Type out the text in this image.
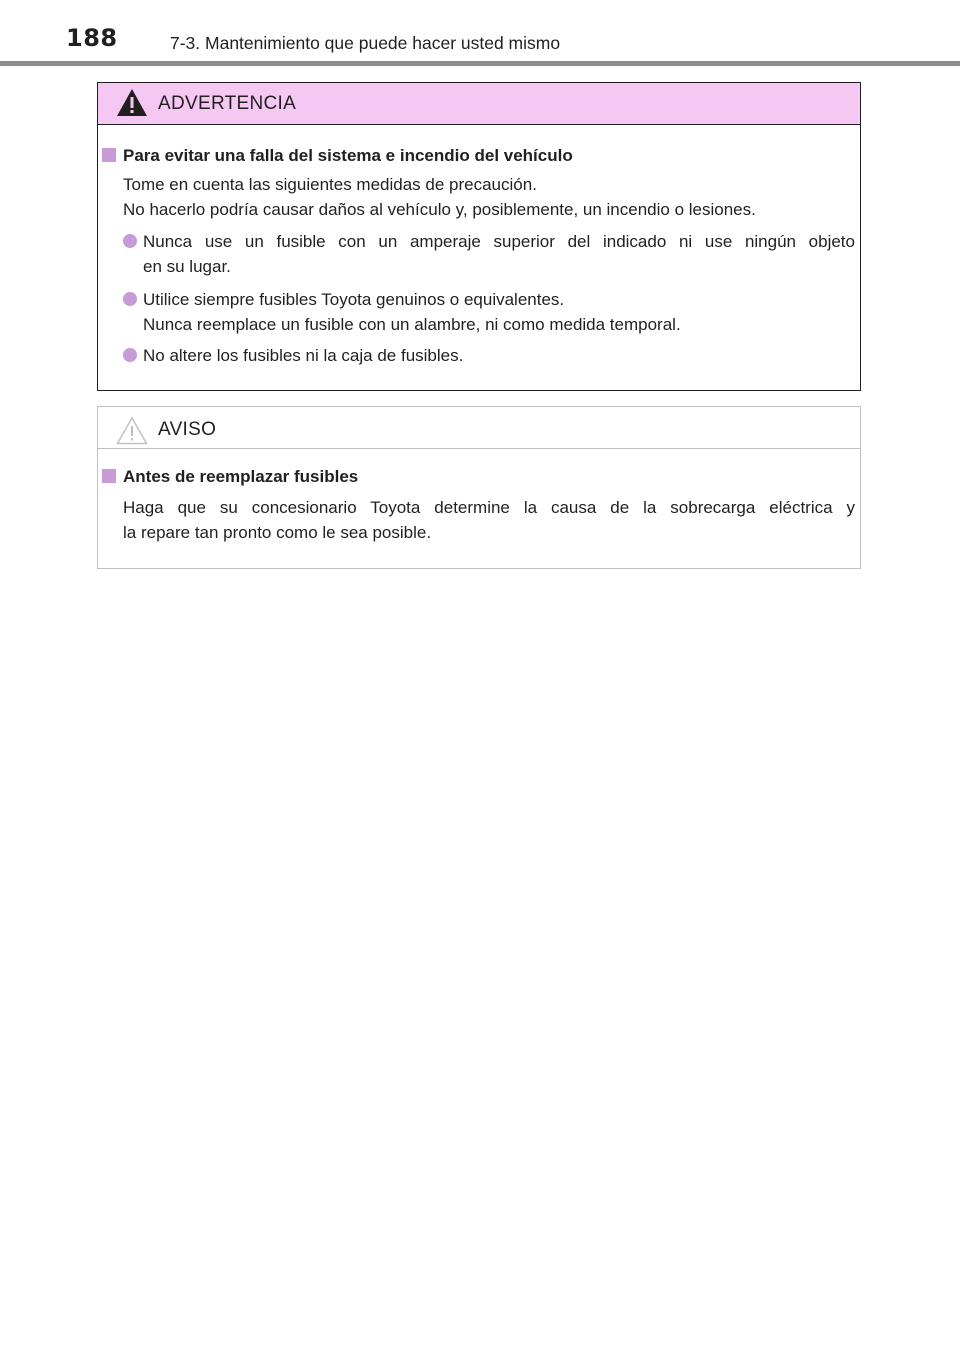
188	7-3. Mantenimiento que puede hacer usted mismo
ADVERTENCIA
Para evitar una falla del sistema e incendio del vehículo
Tome en cuenta las siguientes medidas de precaución.
No hacerlo podría causar daños al vehículo y, posiblemente, un incendio o lesiones.
Nunca use un fusible con un amperaje superior del indicado ni use ningún objeto
en su lugar.
Utilice siempre fusibles Toyota genuinos o equivalentes.
Nunca reemplace un fusible con un alambre, ni como medida temporal.
No altere los fusibles ni la caja de fusibles.
AVISO
Antes de reemplazar fusibles
Haga que su concesionario Toyota determine la causa de la sobrecarga eléctrica y
la repare tan pronto como le sea posible.
